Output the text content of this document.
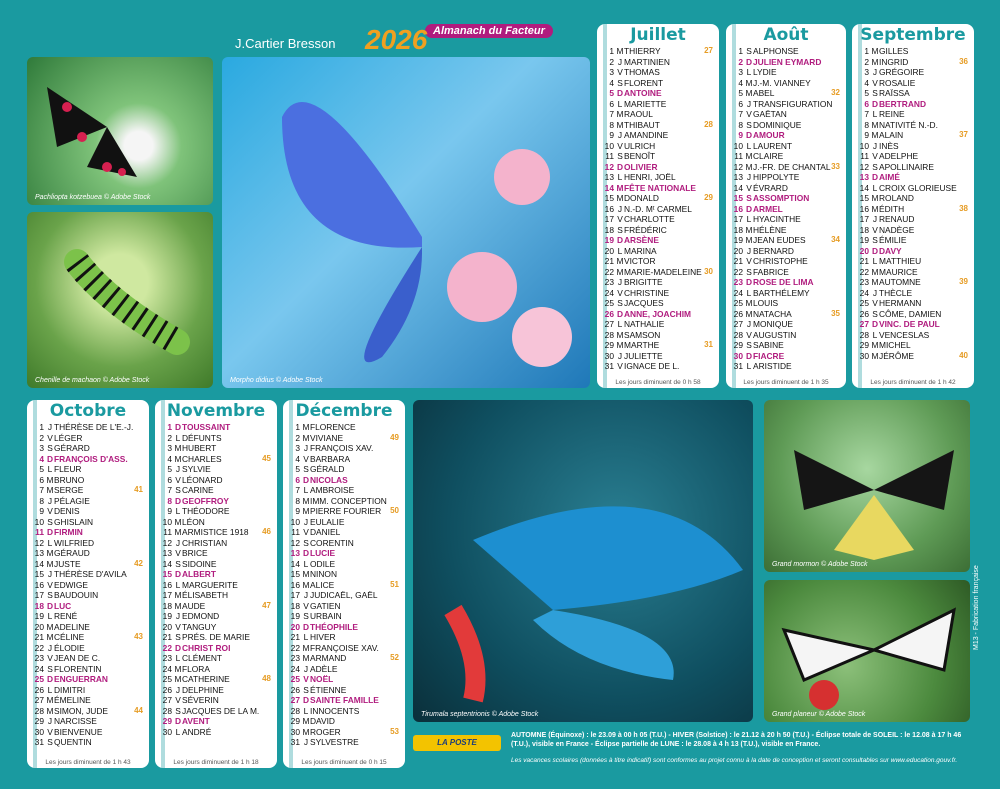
Almanach du Facteur
J.Cartier Bresson 2026
Pachliopta kotzebuea © Adobe Stock
Chenille de machaon © Adobe Stock	Morpho didius © Adobe Stock
Tirumala septentrionis © Adobe Stock
Grand mormon © Adobe Stock
Grand planeur © Adobe Stock
Juillet
1 MTHIERRY	27
2 J MARTINIEN
3 VTHOMAS
4 SFLORENT
5 DANTOINE
6 L MARIETTE
7 MRAOUL
8 MTHIBAUT	28
9 J AMANDINE
10 VULRICH
11 SBENOÎT
12 DOLIVIER
13 L HENRI, JOËL
14 MFÊTE NATIONALE
15 MDONALD	29
16 J N.-D. Mᵗ CARMEL
17 VCHARLOTTE
18 SFRÉDÉRIC
19 DARSÈNE
20 L MARINA
21 MVICTOR
22 MMARIE-MADELEINE 30
23 J BRIGITTE
24 VCHRISTINE
25 SJACQUES
26 DANNE, JOACHIM
27 L NATHALIE
28 MSAMSON
29 MMARTHE	31
30 J JULIETTE
31 VIGNACE DE L.
Les jours diminuent de 0 h 58
Août
1 SALPHONSE
2 DJULIEN EYMARD
3 L LYDIE
4 MJ.-M. VIANNEY
5 MABEL	32
6 J TRANSFIGURATION
7 VGAËTAN
8 SDOMINIQUE
9 DAMOUR
10 L LAURENT
11 MCLAIRE
12 MJ.-FR. DE CHANTAL 33
13 J HIPPOLYTE
14 VÉVRARD
15 SASSOMPTION
16 DARMEL
17 L HYACINTHE
18 MHÉLÈNE
19 MJEAN EUDES	34
20 J BERNARD
21 VCHRISTOPHE
22 SFABRICE
23 DROSE DE LIMA
24 L BARTHÉLEMY
25 MLOUIS
26 MNATACHA	35
27 J MONIQUE
28 VAUGUSTIN
29 SSABINE
30 DFIACRE
31 L ARISTIDE
Les jours diminuent de 1 h 35
Septembre
1 MGILLES
2 MINGRID	36
3 J GRÉGOIRE
4 VROSALIE
5 SRAÏSSA
6 DBERTRAND
7 L REINE
8 MNATIVITÉ N.-D.
9 MALAIN	37
10 J INÈS
11 VADELPHE
12 SAPOLLINAIRE
13 DAIMÉ
14 L CROIX GLORIEUSE
15 MROLAND
16 MÉDITH	38
17 J RENAUD
18 VNADÈGE
19 SÉMILIE
20 DDAVY
21 L MATTHIEU
22 MMAURICE
23 MAUTOMNE	39
24 J THÈCLE
25 VHERMANN
26 SCÔME, DAMIEN
27 DVINC. DE PAUL
28 L VENCESLAS
29 MMICHEL
30 MJÉRÔME	40
Les jours diminuent de 1 h 42
Octobre
1 J THÉRÈSE DE L'E.-J.
2 VLÉGER
3 SGÉRARD
4 DFRANÇOIS D'ASS.
5 L FLEUR
6 MBRUNO
7 MSERGE	41
8 J PÉLAGIE
9 VDENIS
10 SGHISLAIN
11 DFIRMIN
12 L WILFRIED
13 MGÉRAUD
14 MJUSTE	42
15 J THÉRÈSE D'AVILA
16 VEDWIGE
17 SBAUDOUIN
18 DLUC
19 L RENÉ
20 MADELINE
21 MCÉLINE	43
22 J ÉLODIE
23 VJEAN DE C.
24 SFLORENTIN
25 DENGUERRAN
26 L DIMITRI
27 MÉMELINE
28 MSIMON, JUDE	44
29 J NARCISSE
30 VBIENVENUE
31 SQUENTIN
Les jours diminuent de 1 h 43
Novembre
1 DTOUSSAINT
2 L DÉFUNTS
3 MHUBERT
4 MCHARLES	45
5 J SYLVIE
6 VLÉONARD
7 SCARINE
8 DGEOFFROY
9 L THÉODORE
10 MLÉON
11 MARMISTICE 1918 46
12 J CHRISTIAN
13 VBRICE
14 SSIDOINE
15 DALBERT
16 L MARGUERITE
17 MÉLISABETH
18 MAUDE	47
19 J EDMOND
20 VTANGUY
21 SPRÉS. DE MARIE
22 DCHRIST ROI
23 L CLÉMENT
24 MFLORA
25 MCATHERINE	48
26 J DELPHINE
27 VSÉVERIN
28 SJACQUES DE LA M.
29 DAVENT
30 L ANDRÉ
Les jours diminuent de 1 h 18
Décembre
1 MFLORENCE
2 MVIVIANE	49
3 J FRANÇOIS XAV.
4 VBARBARA
5 SGÉRALD
6 DNICOLAS
7 L AMBROISE
8 MIMM. CONCEPTION
9 MPIERRE FOURIER 50
10 J EULALIE
11 VDANIEL
12 SCORENTIN
13 DLUCIE
14 L ODILE
15 MNINON
16 MALICE	51
17 J JUDICAËL, GAËL
18 VGATIEN
19 SURBAIN
20 DTHÉOPHILE
21 L HIVER
22 MFRANÇOISE XAV.
23 MARMAND	52
24 J ADÈLE
25 VNOËL
26 SÉTIENNE
27 DSAINTE FAMILLE
28 L INNOCENTS
29 MDAVID
30 MROGER	53
31 J SYLVESTRE
Les jours diminuent de 0 h 15
LA POSTE
AUTOMNE (Équinoxe) : le 23.09 à 00 h 05 (T.U.) - HIVER (Solstice) : le 21.12 à 20 h 50 (T.U.) - Éclipse totale de SOLEIL : le 12.08 à 17 h 46 (T.U.), visible en France - Éclipse partielle de LUNE : le 28.08 à 4 h 13 (T.U.), visible en France.
Les vacances scolaires (données à titre indicatif) sont conformes au projet connu à la date de conception et seront consultables sur www.education.gouv.fr.
M13 - Fabrication française
